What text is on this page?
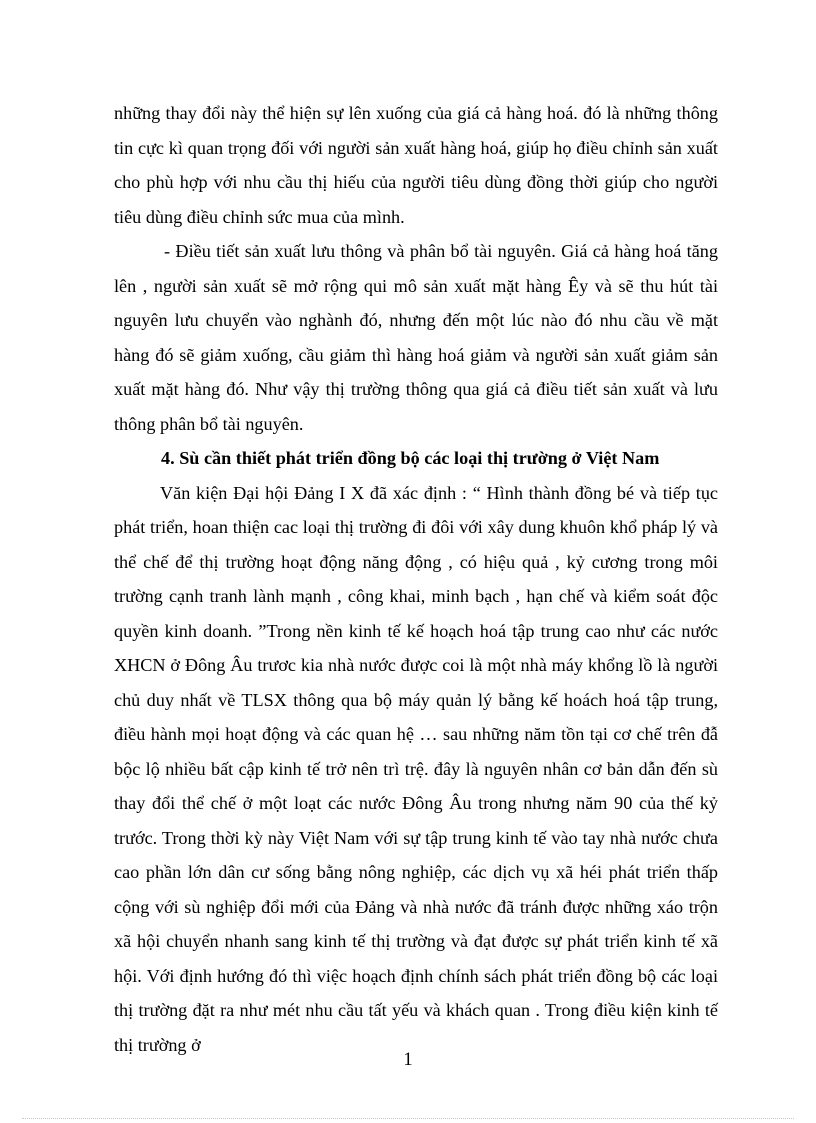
những thay đổi này thể hiện sự lên xuống của giá cả hàng hoá. đó là những thông tin cực kì quan trọng đối với người sản xuất hàng hoá, giúp họ điều chỉnh sản xuất cho phù hợp với nhu cầu thị hiếu của người tiêu dùng đồng thời giúp cho người tiêu dùng điều chỉnh sức mua của mình.

- Điều tiết sản xuất lưu thông và phân bổ tài nguyên. Giá cả hàng hoá tăng lên , người sản xuất sẽ mở rộng qui mô sản xuất mặt hàng Êy và sẽ thu hút tài nguyên lưu chuyển vào nghành đó, nhưng đến một lúc nào đó nhu cầu về mặt hàng đó sẽ giảm xuống, cầu giảm thì hàng hoá giảm và người sản xuất giảm sản xuất mặt hàng đó. Như vậy thị trường thông qua giá cả điều tiết sản xuất và lưu thông phân bổ tài nguyên.

4. Sù cần thiết phát triển đồng bộ các loại thị trường ở Việt Nam

Văn kiện Đại hội Đảng I X đã xác định : “ Hình thành đồng bé và tiếp tục phát triển, hoan thiện cac loại thị trường đi đôi với xây dung khuôn khổ pháp lý và thể chế để thị trường hoạt động năng động , có hiệu quả , kỷ cương trong môi trường cạnh tranh lành mạnh , công khai, minh bạch , hạn chế và kiểm soát độc quyền kinh doanh. ”Trong nền kinh tế kế hoạch hoá tập trung cao như các nước XHCN ở Đông Âu trươc kia nhà nước được coi là một nhà máy khổng lồ là người chủ duy nhất về TLSX thông qua bộ máy quản lý bằng kế hoách hoá tập trung, điều hành mọi hoạt động và các quan hệ … sau những năm tồn tại cơ chế trên đẫ bộc lộ nhiều bất cập kinh tế trở nên trì trệ. đây là nguyên nhân cơ bản dẫn đến sù thay đổi thể chế ở một loạt các nước Đông Âu trong nhưng năm 90 của thế kỷ trước. Trong thời kỳ này Việt Nam với sự tập trung kinh tế vào tay nhà nước chưa cao phần lớn dân cư sống bằng nông nghiệp, các dịch vụ xã héi phát triển thấp cộng với sù nghiệp đổi mới của Đảng và nhà nước đã tránh được những xáo trộn xã hội chuyển nhanh sang kinh tế thị trường và đạt được sự phát triển kinh tế xã hội. Với định hướng đó thì việc hoạch định chính sách phát triển đồng bộ các loại thị trường đặt ra như mét nhu cầu tất yếu và khách quan . Trong điều kiện kinh tế thị trường ở

1
